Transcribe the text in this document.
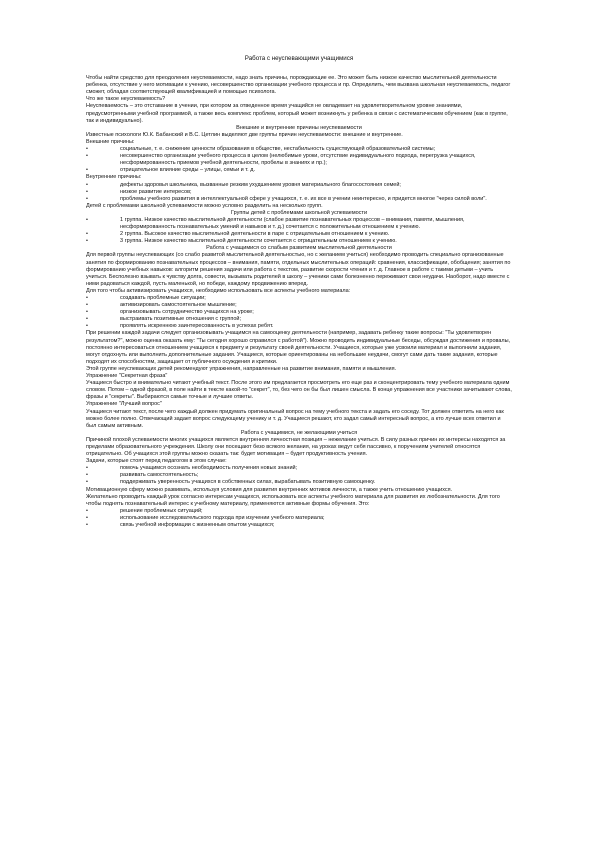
Работа с неуспевающими учащимися

Чтобы найти средство для преодоления неуспеваемости, надо знать причины, порождающие ее. Это может быть низкое качество мыслительной деятельности ребенка, отсутствие у него мотивации к учению, несовершенство организации учебного процесса и пр. Определить, чем вызвана школьная неуспеваемость, педагог сможет, обладая соответствующей квалификацией и помощью психолога.

Что же такое неуспеваемость?

Неуспеваемость – это отставание в учении, при котором за отведенное время учащийся не овладевает на удовлетворительном уровне знаниями, предусмотренными учебной программой, а также весь комплекс проблем, который может возникнуть у ребенка в связи с систематическим обучением (как в группе, так и индивидуально).

Внешние и внутренние причины неуспеваемости

Известные психологи Ю.К. Бабанский и В.С. Цетлин выделяют две группы причин неуспеваемости: внешние и внутренние.

Внешние причины:

• социальные, т. е. снижение ценности образования в обществе, нестабильность существующей образовательной системы;
• несовершенство организации учебного процесса в целом (нелюбимые уроки, отсутствие индивидуального подхода, перегрузка учащихся, несформированность приемов учебной деятельности, пробелы в знаниях и пр.);
• отрицательное влияние среды – улицы, семьи и т. д.

Внутренние причины:

• дефекты здоровья школьника, вызванные резким ухудшением уровня материального благосостояния семей;
• низкое развитие интересов;
• проблемы учебного развития в интеллектуальной сфере у учащихся, т. е. их все в учении неинтересно, и придется многое "через силой воли".

Детей с проблемами школьной успеваемости можно условно разделить на несколько групп.

Группы детей с проблемами школьной успеваемости

• 1 группа. Низкое качество мыслительной деятельности (слабое развитие познавательных процессов – внимания, памяти, мышления, несформированность познавательных умений и навыков и т. д.) сочетается с положительным отношением к учению.
• 2 группа. Высокое качество мыслительной деятельности в паре с отрицательным отношением к учению.
• 3 группа. Низкое качество мыслительной деятельности сочетается с отрицательным отношением к учению.

Работа с учащимися со слабым развитием мыслительной деятельности

Для первой группы неуспевающих (со слабо развитой мыслительной деятельностью, но с желанием учиться) необходимо проводить специально организованные занятия по формированию познавательных процессов – внимания, памяти, отдельных мыслительных операций: сравнения, классификации, обобщения; занятия по формированию учебных навыков: алгоритм решения задачи или работа с текстом, развитие скорости чтения и т. д. Главное в работе с такими детьми – учить учиться. Бесполезно взывать к чувству долга, совести, вызывать родителей в школу – ученики сами болезненно переживают свои неудачи. Наоборот, надо вместе с ними радоваться каждой, пусть маленькой, но победе, каждому продвижению вперед.

Для того чтобы активизировать учащихся, необходимо использовать все аспекты учебного материала:

• создавать проблемные ситуации;
• активизировать самостоятельное мышление;
• организовывать сотрудничество учащихся на уроке;
• выстраивать позитивные отношения с группой;
• проявлять искреннюю заинтересованность в успехах ребят.

При решении каждой задачи следует организовывать учащимся на самооценку деятельности (например, задавать ребенку такие вопросы: "Ты удовлетворен результатом?", можно оценка оказать ему: "Ты сегодня хорошо справился с работой"). Можно проводить индивидуальные беседы, обсуждая достижения и провалы, постоянно интересоваться отношением учащихся к предмету и результату своей деятельности. Учащиеся, которые уже усвоили материал и выполнили задания, могут отдохнуть или выполнить дополнительные задания. Учащиеся, которые ориентированы на небольшие неудачи, смогут сами дать такие задания, которые подходят их способностям, защищает от публичного осуждения и критики.

Этой группе неуспевающих детей рекомендуют упражнения, направленные на развитие внимания, памяти и мышления.

Упражнение "Секретная фраза"

Учащиеся быстро и внимательно читают учебный текст. После этого им предлагается просмотреть его еще раз и сконцентрировать тему учебного материала одним словом. Потом – одной фразой, в поле найти в тексте какой-то "секрет", то, без чего он бы был лишен смысла. В конце упражнения все участники зачитывают слова, фразы и "секреты". Выбираются самые точные и лучшие ответы.

Упражнение "Лучший вопрос"

Учащиеся читают текст, после чего каждый должен придумать оригинальный вопрос на тему учебного текста и задать его соседу. Тот должен ответить на него как можно более полно. Отвечающий задает вопрос следующему ученику и т. д. Учащиеся решают, кто задал самый интересный вопрос, а кто лучше всех ответил и был самым активным.

Работа с учащимися, не желающими учиться

Причиной плохой успеваемости многих учащихся является внутренняя личностная позиция – нежелание учиться. В силу разных причин их интересы находятся за пределами образовательного учреждения. Школу они посещают безо всякого желания, на уроках ведут себя пассивно, к поручениям учителей относятся отрицательно. Об учащихся этой группы можно сказать так: будет мотивация – будет продуктивность учения.

Задачи, которые стоят перед педагогом в этом случае:

• помочь учащимся осознать необходимость получения новых знаний;
• развивать самостоятельность;
• поддерживать уверенность учащихся в собственных силах, вырабатывать позитивную самооценку.

Мотивационную сферу можно развивать, используя условия для развития внутренних мотивов личности, а также учить отношению учащихся.

Желательно проводить каждый урок согласно интересам учащихся, использовать все аспекты учебного материала для развития их любознательности. Для того чтобы поднять познавательный интерес к учебному материалу, применяются активные формы обучения. Это:

• решение проблемных ситуаций;
• использование исследовательского подхода при изучении учебного материала;
• связь учебной информации с жизненным опытом учащихся;
